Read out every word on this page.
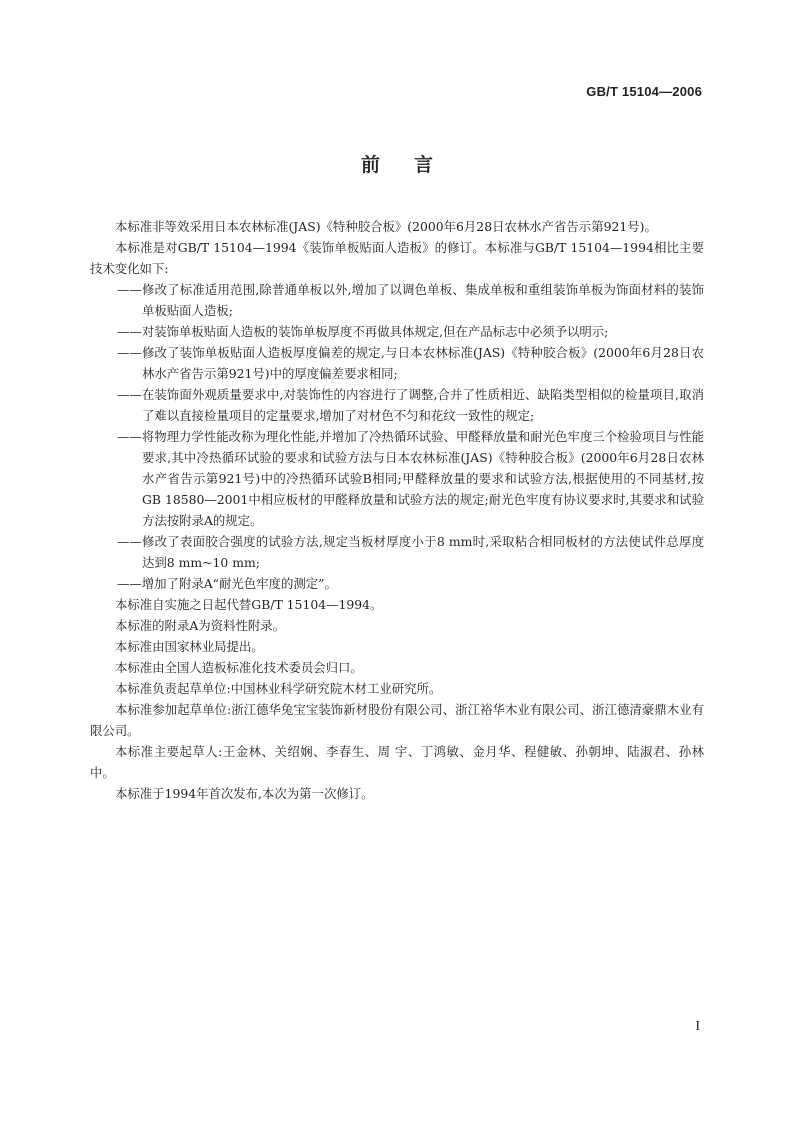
GB/T 15104—2006
前言

本标准非等效采用日本农林标准(JAS)《特种胶合板》(2000年6月28日农林水产省告示第921号)。

本标准是对GB/T 15104—1994《装饰单板贴面人造板》的修订。本标准与GB/T 15104—1994相比主要技术变化如下:

——修改了标准适用范围,除普通单板以外,增加了以调色单板、集成单板和重组装饰单板为饰面材料的装饰单板贴面人造板;

——对装饰单板贴面人造板的装饰单板厚度不再做具体规定,但在产品标志中必须予以明示;

——修改了装饰单板贴面人造板厚度偏差的规定,与日本农林标准(JAS)《特种胶合板》(2000年6月28日农林水产省告示第921号)中的厚度偏差要求相同;

——在装饰面外观质量要求中,对装饰性的内容进行了调整,合并了性质相近、缺陷类型相似的检量项目,取消了难以直接检量项目的定量要求,增加了对材色不匀和花纹一致性的规定;

——将物理力学性能改称为理化性能,并增加了冷热循环试验、甲醛释放量和耐光色牢度三个检验项目与性能要求,其中冷热循环试验的要求和试验方法与日本农林标准(JAS)《特种胶合板》(2000年6月28日农林水产省告示第921号)中的冷热循环试验B相同;甲醛释放量的要求和试验方法,根据使用的不同基材,按GB 18580—2001中相应板材的甲醛释放量和试验方法的规定;耐光色牢度有协议要求时,其要求和试验方法按附录A的规定。

——修改了表面胶合强度的试验方法,规定当板材厚度小于8 mm时,采取粘合相同板材的方法使试件总厚度达到8 mm~10 mm;

——增加了附录A“耐光色牢度的测定”。

本标准自实施之日起代替GB/T 15104—1994。

本标准的附录A为资料性附录。

本标准由国家林业局提出。

本标准由全国人造板标准化技术委员会归口。

本标准负责起草单位:中国林业科学研究院木材工业研究所。

本标准参加起草单位:浙江德华兔宝宝装饰新材股份有限公司、浙江裕华木业有限公司、浙江德清豪鼎木业有限公司。

本标准主要起草人:王金林、关绍娴、李春生、周 宇、丁鸿敏、金月华、程健敏、孙朝坤、陆淑君、孙林中。

本标准于1994年首次发布,本次为第一次修订。

I
